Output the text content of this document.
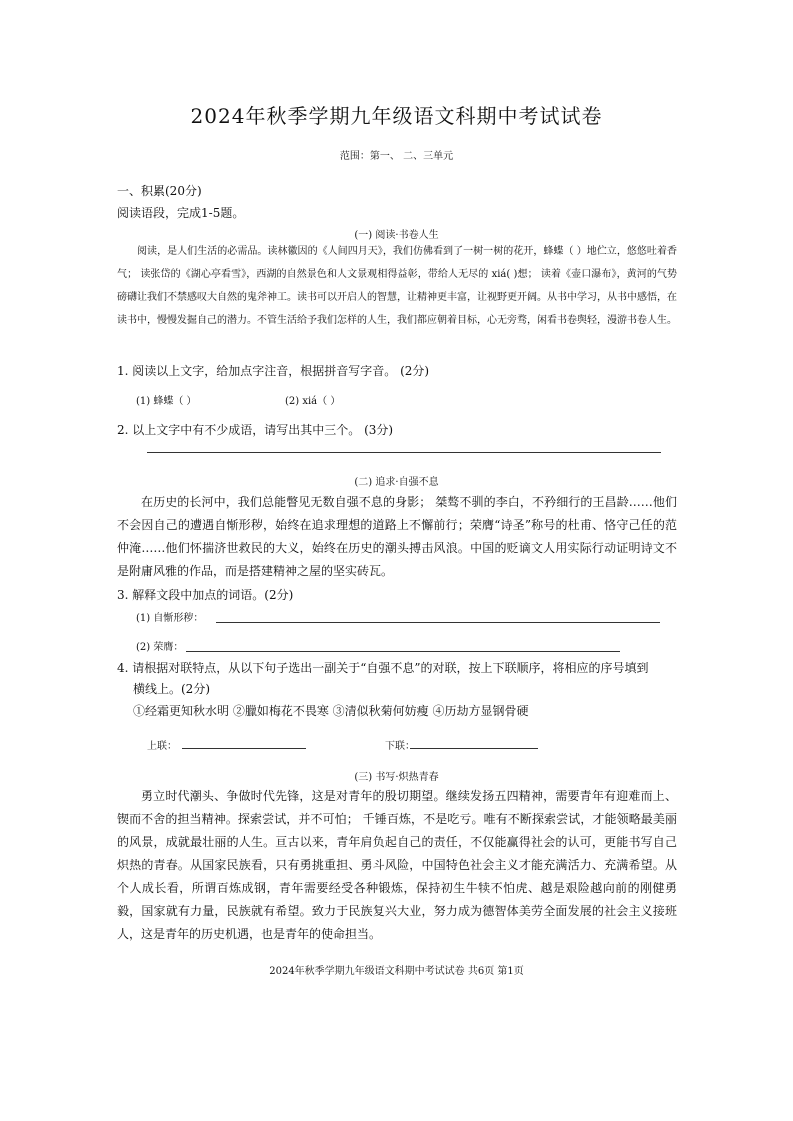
2024年秋季学期九年级语文科期中考试试卷
范围：第一、 二、三单元
一、积累(20分)
阅读语段，完成1-5题。
(一) 阅读·书卷人生

阅读，是人们生活的必需品。读林徽因的《人间四月天》，我们仿佛看到了一树一树的花开，蜂蝶（ ）地伫立，悠悠吐着香气； 读张岱的《湖心亭看雪》，西湖的自然景色和人文景观相得益彰，带给人无尽的 xiá( )想； 读着《壶口瀑布》，黄河的气势磅礴让我们不禁感叹大自然的鬼斧神工。读书可以开启人的智慧，让精神更丰富，让视野更开阔。从书中学习，从书中感悟，在读书中，慢慢发掘自己的潜力。不管生活给予我们怎样的人生，我们都应朝着目标，心无旁骛，闲看书卷舆轻，漫游书卷人生。

1. 阅读以上文字，给加点字注音，根据拼音写字音。 (2分)
(1) 蜂蝶（ ）	(2) xiá（ ）
2. 以上文字中有不少成语，请写出其中三个。 (3分)
(二) 追求·自强不息

在历史的长河中，我们总能瞥见无数自强不息的身影； 桀骜不驯的李白，不矜细行的王昌龄……他们不会因自己的遭遇自惭形秽，始终在追求理想的道路上不懈前行；荣膺“诗圣”称号的杜甫、恪守己任的范仲淹……他们怀揣济世救民的大义，始终在历史的潮头搏击风浪。中国的贬谪文人用实际行动证明诗文不是附庸风雅的作品，而是搭建精神之屋的坚实砖瓦。

3. 解释文段中加点的词语。(2分)
(1) 自惭形秽：
(2) 荣膺：
4. 请根据对联特点，从以下句子选出一副关于“自强不息”的对联，按上下联顺序，将相应的序号填到
横线上。(2分)
①经霜更知秋水明 ②臘如梅花不畏寒 ③清似秋菊何妨瘦 ④历劫方显钢骨硬
上联：	下联：
(三) 书写·炽热青春

勇立时代潮头、争做时代先锋，这是对青年的殷切期望。继续发扬五四精神，需要青年有迎难而上、锲而不舍的担当精神。探索尝试，并不可怕； 千锤百炼，不是吃亏。唯有不断探索尝试，才能领略最美丽的风景，成就最壮丽的人生。亘古以来，青年肩负起自己的责任，不仅能赢得社会的认可，更能书写自己炽热的青春。从国家民族看，只有勇挑重担、勇斗风险，中国特色社会主义才能充满活力、充满希望。从个人成长看，所谓百炼成钢，青年需要经受各种锻炼，保持初生牛犊不怕虎、越是艰险越向前的刚健勇毅，国家就有力量，民族就有希望。致力于民族复兴大业，努力成为德智体美劳全面发展的社会主义接班人，这是青年的历史机遇，也是青年的使命担当。

2024年秋季学期九年级语文科期中考试试卷 共6页 第1页
